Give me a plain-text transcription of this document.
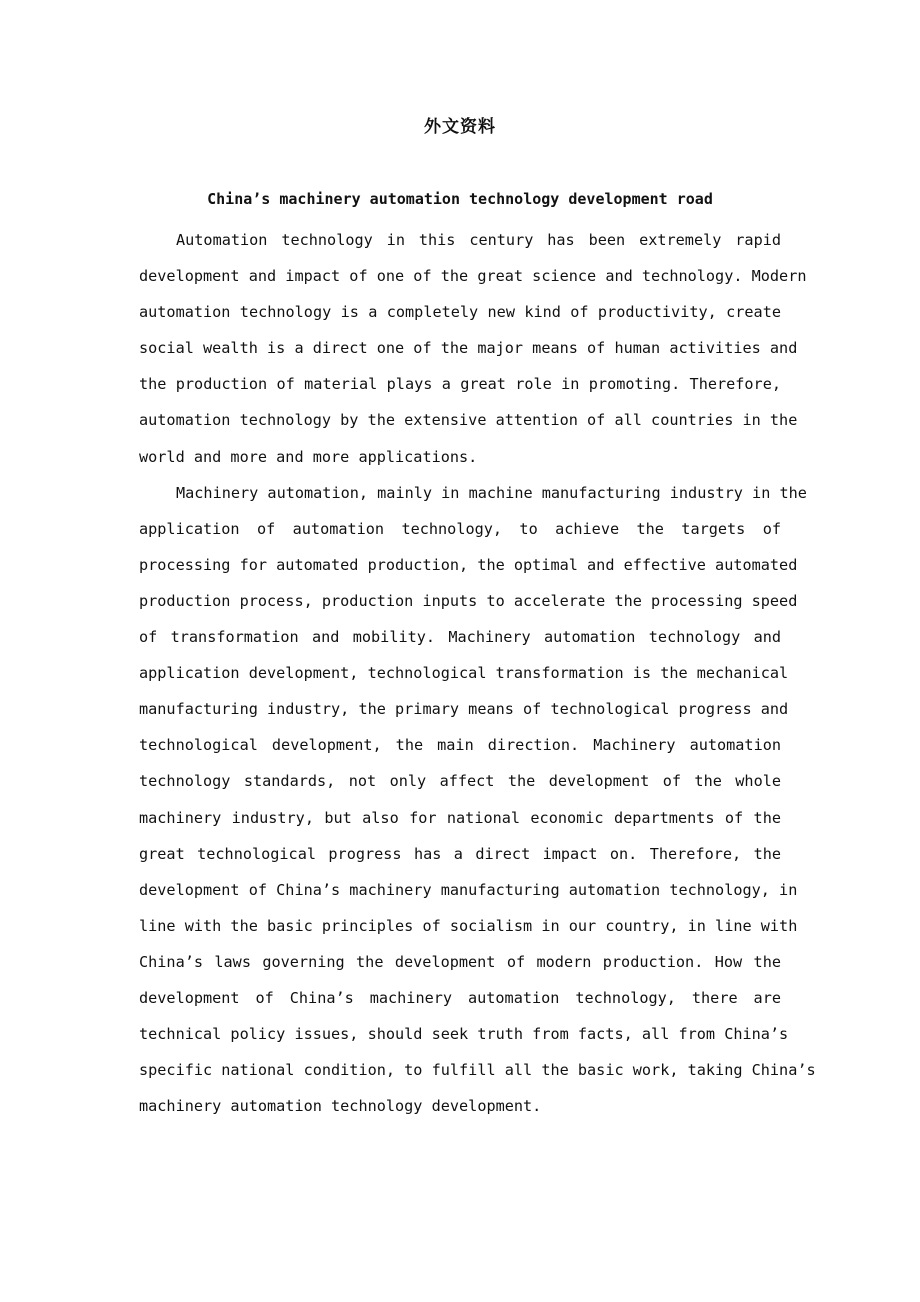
外文资料
China’s machinery automation technology development road
Automation technology in this century has been extremely rapid
development and impact of one of the great science and technology. Modern
automation technology is a completely new kind of productivity, create
social wealth is a direct one of the major means of human activities and
the production of material plays a great role in promoting. Therefore,
automation technology by the extensive attention of all countries in the
world and more and more applications.
Machinery automation, mainly in machine manufacturing industry in the
application of automation technology, to achieve the targets of
processing for automated production, the optimal and effective automated
production process, production inputs to accelerate the processing speed
of transformation and mobility. Machinery automation technology and
application development, technological transformation is the mechanical
manufacturing industry, the primary means of technological progress and
technological development, the main direction. Machinery automation
technology standards, not only affect the development of the whole
machinery industry, but also for national economic departments of the
great technological progress has a direct impact on. Therefore, the
development of China’s machinery manufacturing automation technology, in
line with the basic principles of socialism in our country, in line with
China’s laws governing the development of modern production. How the
development of China’s machinery automation technology, there are
technical policy issues, should seek truth from facts, all from China’s
specific national condition, to fulfill all the basic work, taking China’s
machinery automation technology development.
